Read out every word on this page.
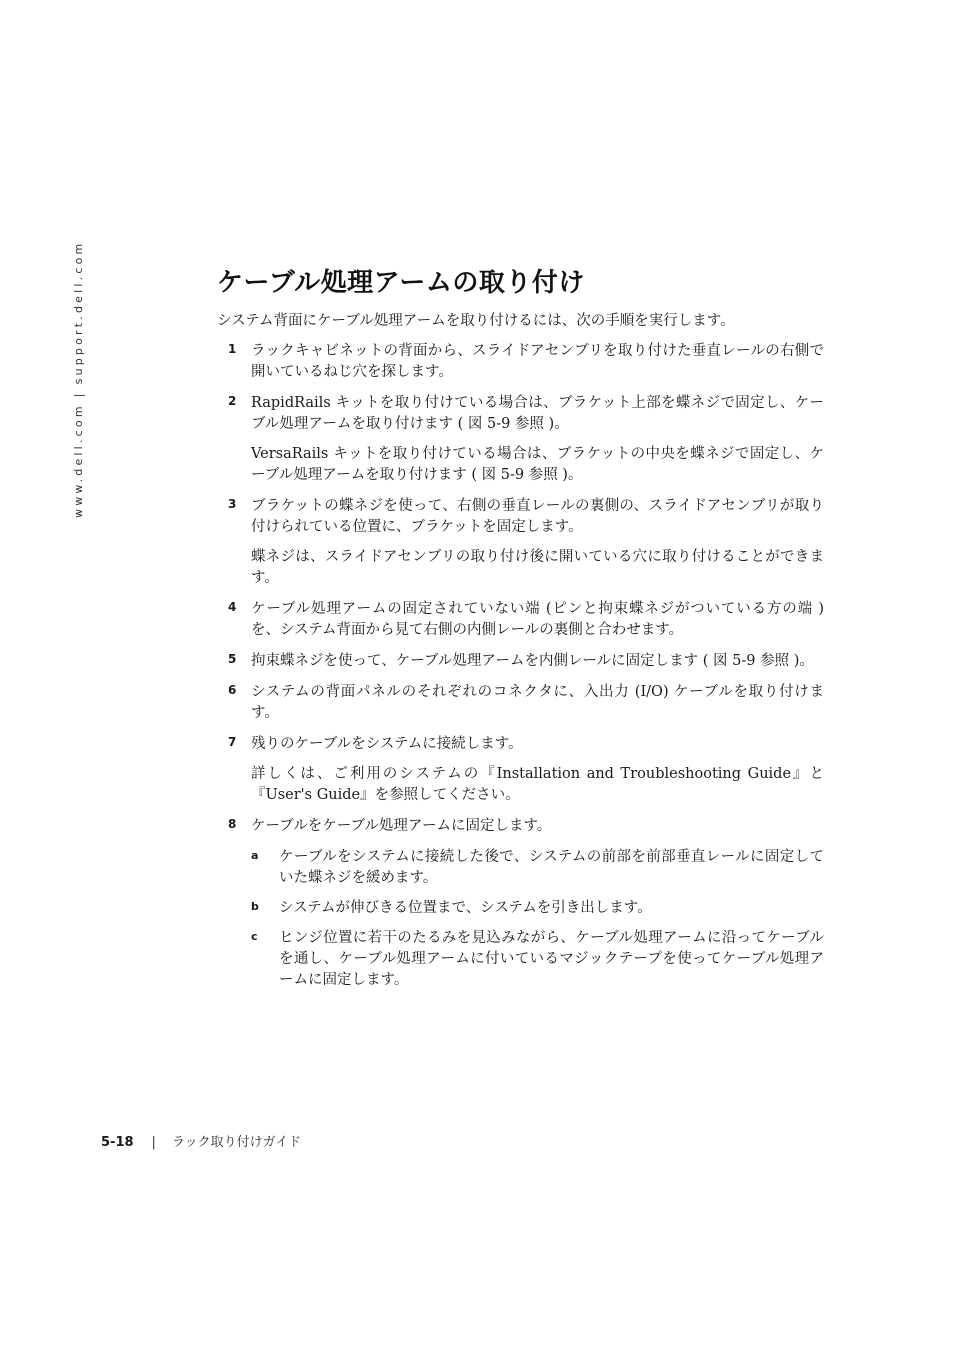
www.dell.com|support.dell.com	ケーブル処理アームの取り付け

システム背面にケーブル処理アームを取り付けるには、次の手順を実行します。

1 ラックキャビネットの背面から、スライドアセンブリを取り付けた垂直レールの右側で開いているねじ穴を探します。

2 RapidRails キットを取り付けている場合は、ブラケット上部を蝶ネジで固定し、ケーブル処理アームを取り付けます ( 図 5-9 参照 )。

VersaRails キットを取り付けている場合は、ブラケットの中央を蝶ネジで固定し、ケーブル処理アームを取り付けます ( 図 5-9 参照 )。

3 ブラケットの蝶ネジを使って、右側の垂直レールの裏側の、スライドアセンブリが取り付けられている位置に、ブラケットを固定します。

蝶ネジは、スライドアセンブリの取り付け後に開いている穴に取り付けることができます。

4 ケーブル処理アームの固定されていない端 (ピンと拘束蝶ネジがついている方の端 ) を、システム背面から見て右側の内側レールの裏側と合わせます。

5 拘束蝶ネジを使って、ケーブル処理アームを内側レールに固定します ( 図 5-9 参照 )。

6 システムの背面パネルのそれぞれのコネクタに、入出力 (I/O) ケーブルを取り付けます。

7 残りのケーブルをシステムに接続します。

詳しくは、ご利用のシステムの『Installation and Troubleshooting Guide』と『User's Guide』を参照してください。

8 ケーブルをケーブル処理アームに固定します。

a ケーブルをシステムに接続した後で、システムの前部を前部垂直レールに固定していた蝶ネジを緩めます。

b システムが伸びきる位置まで、システムを引き出します。

c ヒンジ位置に若干のたるみを見込みながら、ケーブル処理アームに沿ってケーブルを通し、ケーブル処理アームに付いているマジックテープを使ってケーブル処理アームに固定します。

5-18 | ラック取り付けガイド
